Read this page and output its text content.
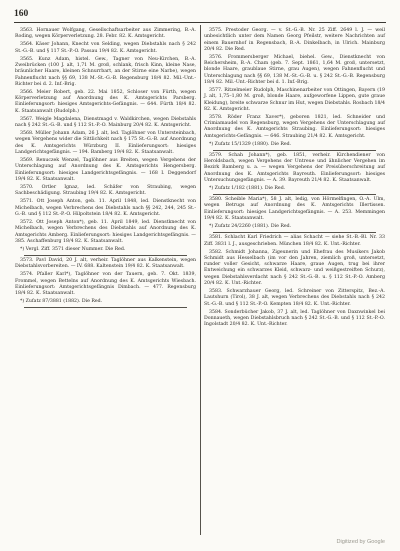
160

3563. Hornauer Wolfgang, Gesellschaftsarbeiter aus Zimmering, B.-A. Roding, wegen Körperverletzung. 28. Febr. 82. K. Amtsgericht.

3564. Käser Johann, Knecht von Selding, wegen Diebstahls nach § 242 St.-G.-B. und § 117 St.-P.-O. Passau 19/4 82. K. Amtsgericht.

3565. Kunz Adam, histel. Gew., Tagner von Neu-Kirchen, B.-A. Zweibrücken (100 J. alt, 1,71 M. groß, schlank, frisch Kinn, kleine Nase, bräunlicher Haare, kleinen Schnurrbart, an der Stirne eine Narbe), wegen Fahnenflucht nach §§ 69, 138 M.-St.-G.-B. Regensburg 18/4 82. Mil.-Unt.-Richter bei d. 2. Inf.-Brig.

3566. Meier Robert, geb. 22. Mai 1852, Schloser von Fürth, wegen Körperverletzung auf Anordnung des K. Amtsgerichts Parsberg. Einlieferungsort: hiesiges Amtsgerichts-Gefängnis. — 644. Fürth 18/4 82. K. Staatsanwalt (Rudolph.)

3567. Weigle Magdalena, Dienstmagd v. Waldkirchen, wegen Diebstahls nach § 242 St.-G.-B. und § 112 St.-P.-O. Mainburg 20/4 82. K. Amtsgericht.

3568. Müller Johann Adam, 26 J. alt, led. Taglöhner von Untersteinbach, wegen Vergehens wider die Sittlichkeit nach § 175 St.-G.-B. auf Anordnung des K. Amtsgerichts Würzburg II. Einlieferungsort: hiesiges Landgerichtsgefängnis. — 194. Bamberg 19/4 82. K. Staatsanwalt.

3569. Renuczek Wenzel, Taglöhner aus Breiten, wegen Vergehens der Unterschlagung auf Anordnung des K. Amtsgerichts Hengersberg. Einlieferungsort: hiesiges Landgerichtsgefängnis. — 168 I. Deggendorf 19/4 82. K. Staatsanwalt.

3570. Ortler Ignaz, led. Schäfer von Straubing, wegen Sachbeschädigung. Straubing 19/4 82. K. Amtsgericht.

3571. Ott Joseph Anton, geb. 11. April 1848, led. Dienstknecht von Michelbach, wegen Verbrechens des Diebstahls nach §§ 242, 244, 245 St.-G.-B. und § 112 St.-P.-O. Hilpoltstein 18/4 82. K. Amtsgericht.

3572. Ott Joseph Anton*), geb. 11. April 1849, led. Dienstknecht von Michelbach, wegen Verbrechens des Diebstahls auf Anordnung des K. Amtsgerichts Amberg. Einlieferungsort: hiesiges Landgerichtsgefängnis. — 385. Aschaffenburg 18/4 82. K. Staatsanwalt.

*) Vergl. Ziff. 3571 dieser Nummer. Die Red.

3573. Pavl David, 20 J. alt, verheir. Taglöhner aus Kalkenstein, wegen Diebstahlsvorbereiten. — IV. 688. Kaltenstein 19/4 82. K. Staatsanwalt.

3574. Pfaller Karl*), Taglöhner von der Tauern, geb. 7. Okt. 1839, Frommel, wegen Bettelns auf Anordnung des K. Amtsgerichts Wiesbach. Einlieferungsort: Amtsgerichtsgefängnis Dimbach. — 477. Regensburg 18/4 82. K. Staatsanwalt.

*) Zufatz 87/3881 (1882). Die Red.

3575. Prestoder Georg. — v. St.-G.-B. Nr. 25 Ziff. 2649 l. J. — weil unbesichtlich unter dem Namen Georg Pfeilstr, weitere Nachrichten auf einem Bauernhof in Regensbach, B.-A. Dinkelbach, in Ulrich. Mainburg 20/4 82. Die Red.

3576. Frommersberger Michael, biehel. Gew., Dienstknecht von Reichersheim, B.-A. Cham (geb. 7. Sept. 1861, 1,64 M. groß, untersetzt, blonde Haare, graublaue Stirne, grau Augen), wegen Fahnenflucht und Unterschlagung nach §§ 69, 138 M.-St.-G.-B. u. § 242 St.-G.-B. Regensburg 18/4 82. Mil.-Unt.-Richter bei d. 1. Inf.-Brig.

3577. Ritzelmeier Rudolph, Maschinenarbeiter von Ottingen, Bayern (19 J. alt, 1,75–1,80 M. groß, blonde Haare, aufgeworfene Lippen, gute graue Kleidung), breite schwarze Schnur im Hut, wegen Diebstahls. Rosbach 18/4 82. K. Amtsgericht.

3578. Röder Franz Xaver*), geboren 1821, led. Schneider und Crimiamaudel von Regensburg, wegen Vergehens der Unterschlagung auf Anordnung des K. Amtsgerichts Straubing. Einlieferungsort: hiesiges Amtsgerichts-Gefängnis. — 646. Straubing 21/4 82. K. Amtsgericht.

*) Zufatz 15/1329 (1880). Die Red.

3579. Schah Johann*), geb. 1851, verheir. Kirchendiener von Heroldsbach, wegen Vergehens der Untreue und ähnlicher Vergehen im Bezirk Bamberg u. a. — wegen Vergehens der Preisüberschreitung auf Anordnung des K. Amtsgerichts Bayreuth. Einlieferungsort: hiesiges Untersuchungsgefängnis. — A. 39. Bayreuth 21/4 82. K. Staatsanwalt.

*) Zufatz 1/182 (1881). Die Red.

3580. Scheible Maria*), 58 J. alt, ledig, von Hörmelfingen, O.-A. Ulm, wegen Betrugs auf Anordnung des K. Amtsgerichts Illertissen. Einlieferungsort: hiesiges Landgerichtsgefängnis. — A. 253. Memmingen 19/4 82. K. Staatsanwalt.

*) Zufatz 24/2260 (1881). Die Red.

3581. Schlacht Karl Friedrich — alias Schacht — siehe St.-B.-Bl. Nr. 33 Ziff. 3831 l. J., ausgeschrieben. München 18/4 82. K. Unt.-Richter.

3582. Schmidt Johanna, Zigeunerin und Ehefrau des Musikers Jakob Schmidt aus Hesselbach (im vor den Jahren, ziemlich groß, untersetzt, runder voller Gesicht, schwarze Haare, graue Augen, trug bei ihrer Entweichung ein schwarzes Kleid, schwarz- und weißgestreiften Schurz), wegen Diebstahlsverdacht nach § 242 St.-G.-B. u. § 112 St.-P.-O. Amberg 20/4 82. K. Unt.-Richter.

3583. Schwarzhauer Georg, led. Schreiner von Zitterspitz, Bez.-A. Lautshurn (Tirol), 38 J. alt, wegen Verbrechens des Diebstahls nach § 242 St.-G.-B. und § 112 St.-P.-O. Kempten 18/4 82. K. Unt.-Richter.

3584. Sonderbücher Jakob, 37 J. alt, led. Taglöhner von Daxnwinkel bei Donnaueth, wegen Diebstahlsbruch nach § 242 St.-G.-B. und § 112 St.-P.-O. Ingolstadt 20/4 82. K. Unt.-Richter.

Digitized by Google
